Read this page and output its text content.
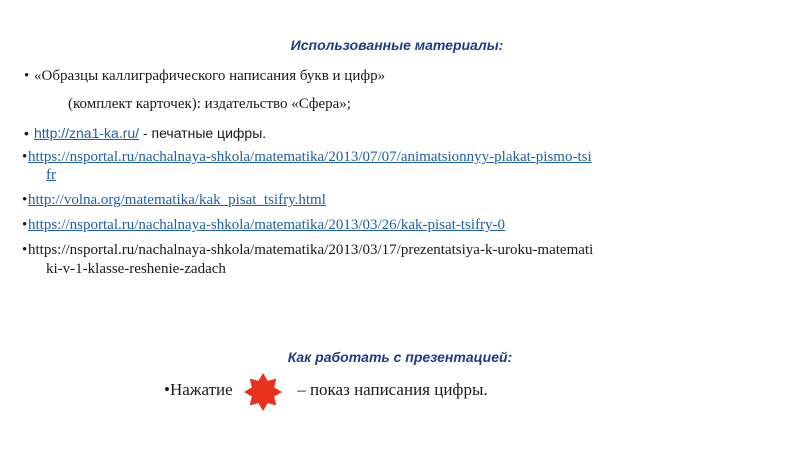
Использованные материалы:
• «Образцы каллиграфического написания букв и цифр»
(комплект карточек): издательство «Сфера»;
• http://zna1-ka.ru/ - печатные цифры.
•https://nsportal.ru/nachalnaya-shkola/matematika/2013/07/07/animatsionnyy-plakat-pismo-tsi
fr
•http://volna.org/matematika/kak_pisat_tsifry.html
•https://nsportal.ru/nachalnaya-shkola/matematika/2013/03/26/kak-pisat-tsifry-0
•https://nsportal.ru/nachalnaya-shkola/matematika/2013/03/17/prezentatsiya-k-uroku-matemati
ki-v-1-klasse-reshenie-zadach
Как работать с презентацией:
•Нажатие	– показ написания цифры.
